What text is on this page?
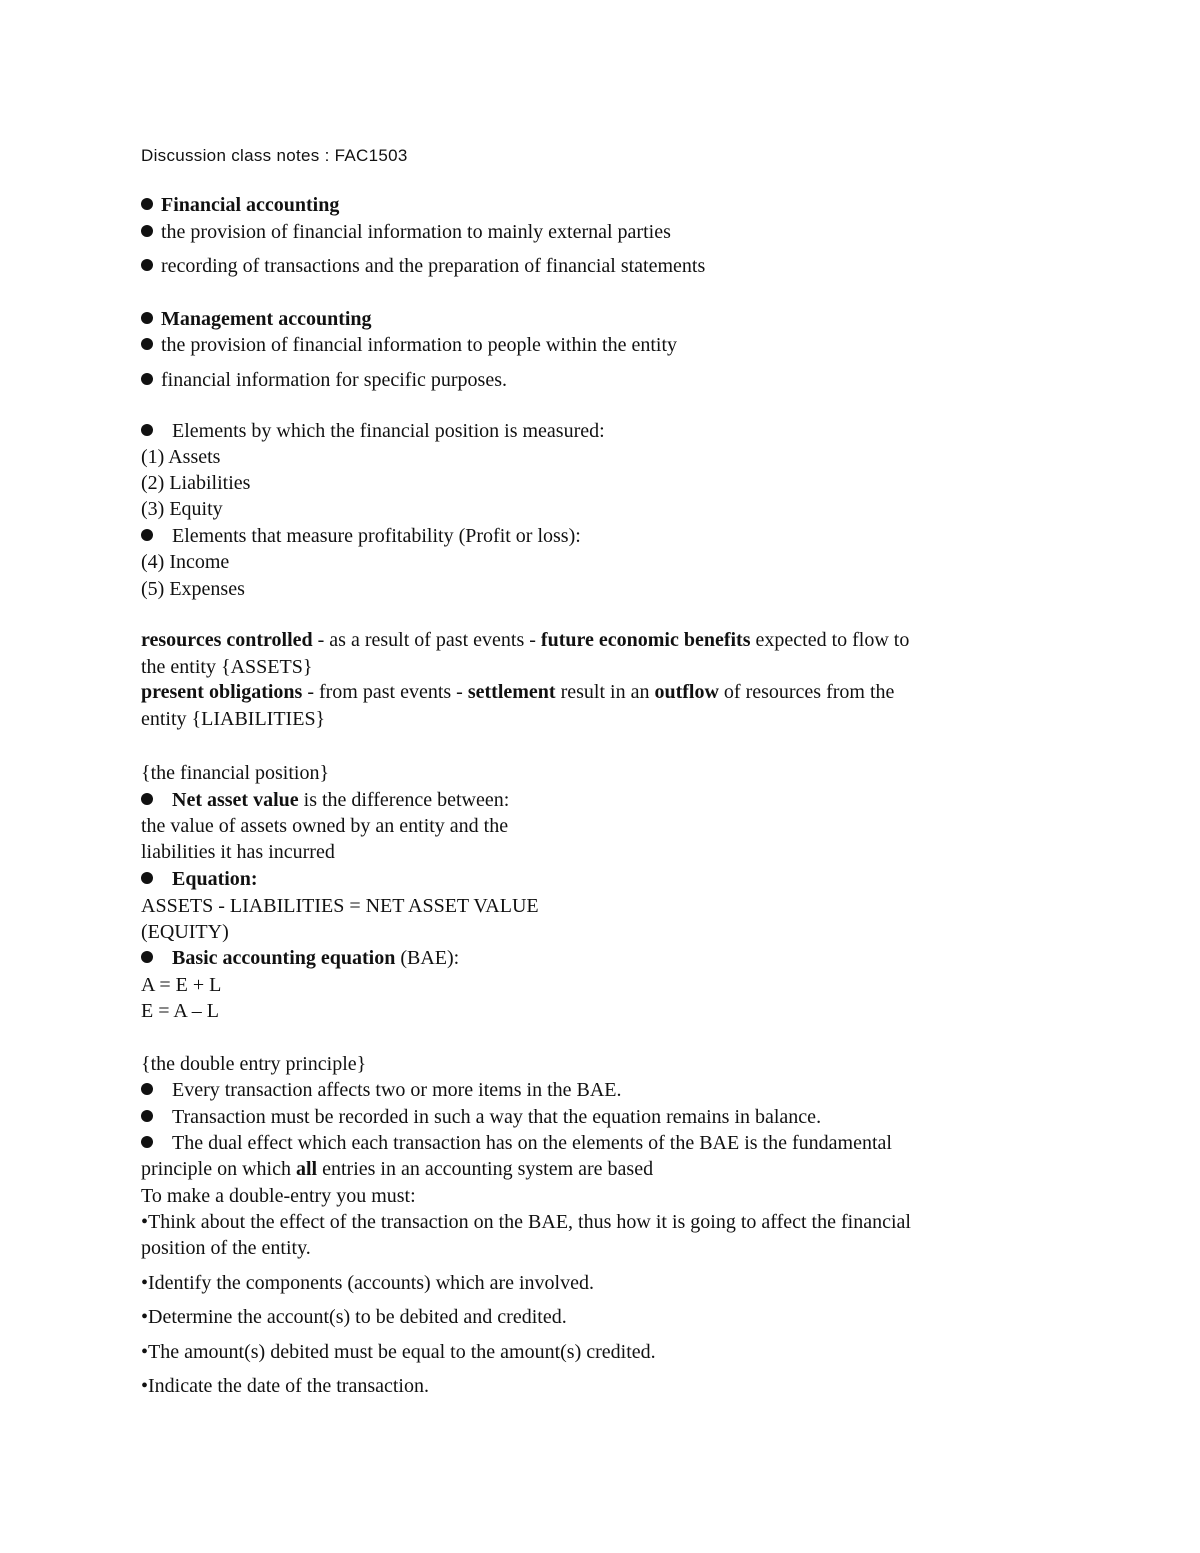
Discussion class notes : FAC1503
Financial accounting
the provision of financial information to mainly external parties
recording of transactions and the preparation of financial statements
Management accounting
the provision of financial information to people within the entity
financial information for specific purposes.
Elements by which the financial position is measured:
(1) Assets
(2) Liabilities
(3) Equity
Elements that measure profitability (Profit or loss):
(4) Income
(5) Expenses
resources controlled - as a result of past events - future economic benefits expected to flow to
the entity {ASSETS}
present obligations - from past events - settlement result in an outflow of resources from the
entity {LIABILITIES}
{the financial position}
Net asset value is the difference between:
the value of assets owned by an entity and the
liabilities it has incurred
Equation:
ASSETS - LIABILITIES = NET ASSET VALUE
(EQUITY)
Basic accounting equation (BAE):
A = E + L
E = A – L
{the double entry principle}
Every transaction affects two or more items in the BAE.
Transaction must be recorded in such a way that the equation remains in balance.
The dual effect which each transaction has on the elements of the BAE is the fundamental
principle on which all entries in an accounting system are based
To make a double-entry you must:
•Think about the effect of the transaction on the BAE, thus how it is going to affect the financial
position of the entity.
•Identify the components (accounts) which are involved.
•Determine the account(s) to be debited and credited.
•The amount(s) debited must be equal to the amount(s) credited.
•Indicate the date of the transaction.
